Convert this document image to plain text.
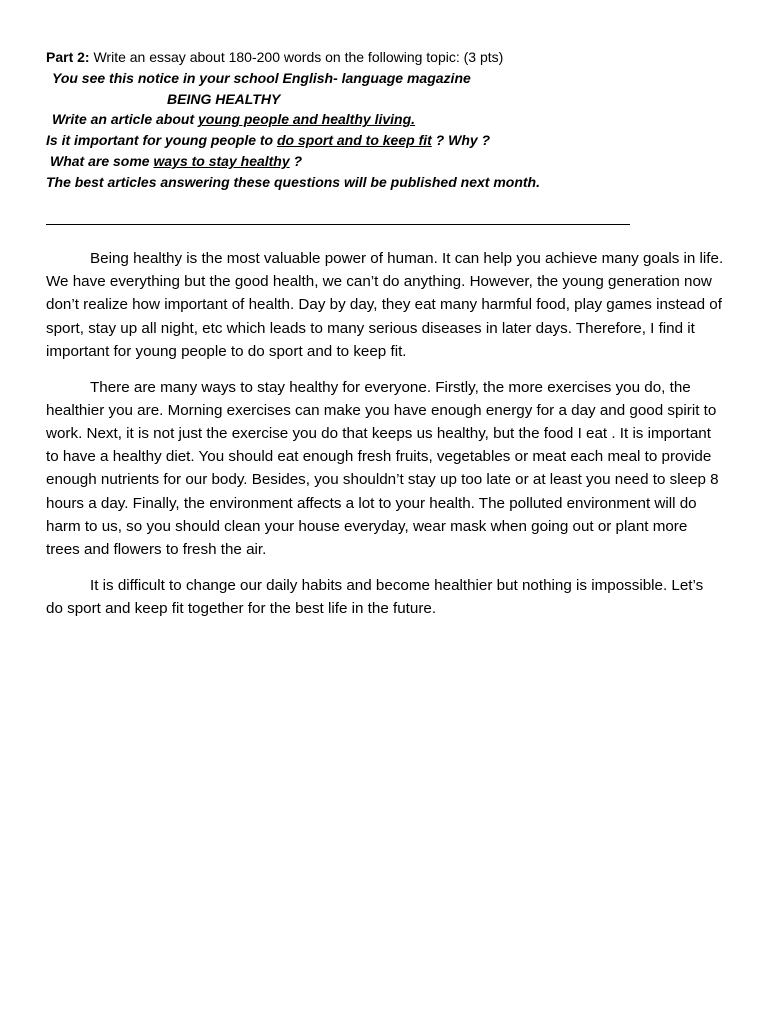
Part 2: Write an essay about 180-200 words on the following topic: (3 pts)
You see this notice in your school English- language magazine
BEING HEALTHY
Write an article about young people and healthy living.
Is it important for young people to do sport and to keep fit ? Why ?
What are some ways to stay healthy ?
The best articles answering these questions will be published next month.

Being healthy is the most valuable power of human. It can help you achieve many goals in life. We have everything but the good health, we can’t do anything. However, the young generation now don’t realize how important of health. Day by day, they eat many harmful food, play games instead of sport, stay up all night, etc which leads to many serious diseases in later days. Therefore, I find it important for young people to do sport and to keep fit.

There are many ways to stay healthy for everyone. Firstly, the more exercises you do, the healthier you are. Morning exercises can make you have enough energy for a day and good spirit to work. Next, it is not just the exercise you do that keeps us healthy, but the food I eat . It is important to have a healthy diet. You should eat enough fresh fruits, vegetables or meat each meal to provide enough nutrients for our body. Besides, you shouldn’t stay up too late or at least you need to sleep 8 hours a day. Finally, the environment affects a lot to your health. The polluted environment will do harm to us, so you should clean your house everyday, wear mask when going out or plant more trees and flowers to fresh the air.

It is difficult to change our daily habits and become healthier but nothing is impossible. Let’s do sport and keep fit together for the best life in the future.
